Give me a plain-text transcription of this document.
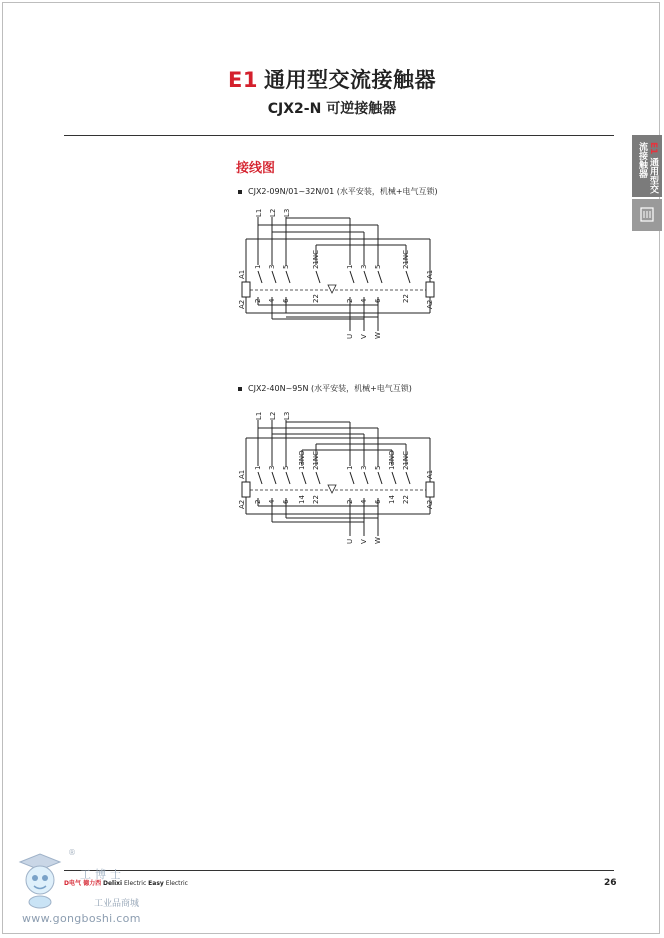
E1 通用型交流接触器
CJX2-N 可逆接触器
E1 通用型交流接触器
接线图
CJX2-09N/01~32N/01 (水平安装，机械+电气互锁)
L1 L2 L3
A1
A2
A1
A2
1 3 5	21NC
2 4 6	22
1 3 5	21NC
2 4 6	22
U V W
CJX2-40N~95N (水平安装，机械+电气互锁)
L1 L2 L3
A1
A2
A1
A2
1 3 5 13NO 21NC
2 4 6 14 22
1 3 5 13NO 21NC
2 4 6 14 22
U V W
D电气 德力西 Delixi Electric Easy Electric	26
®
工博士
工业品商城
www.gongboshi.com
